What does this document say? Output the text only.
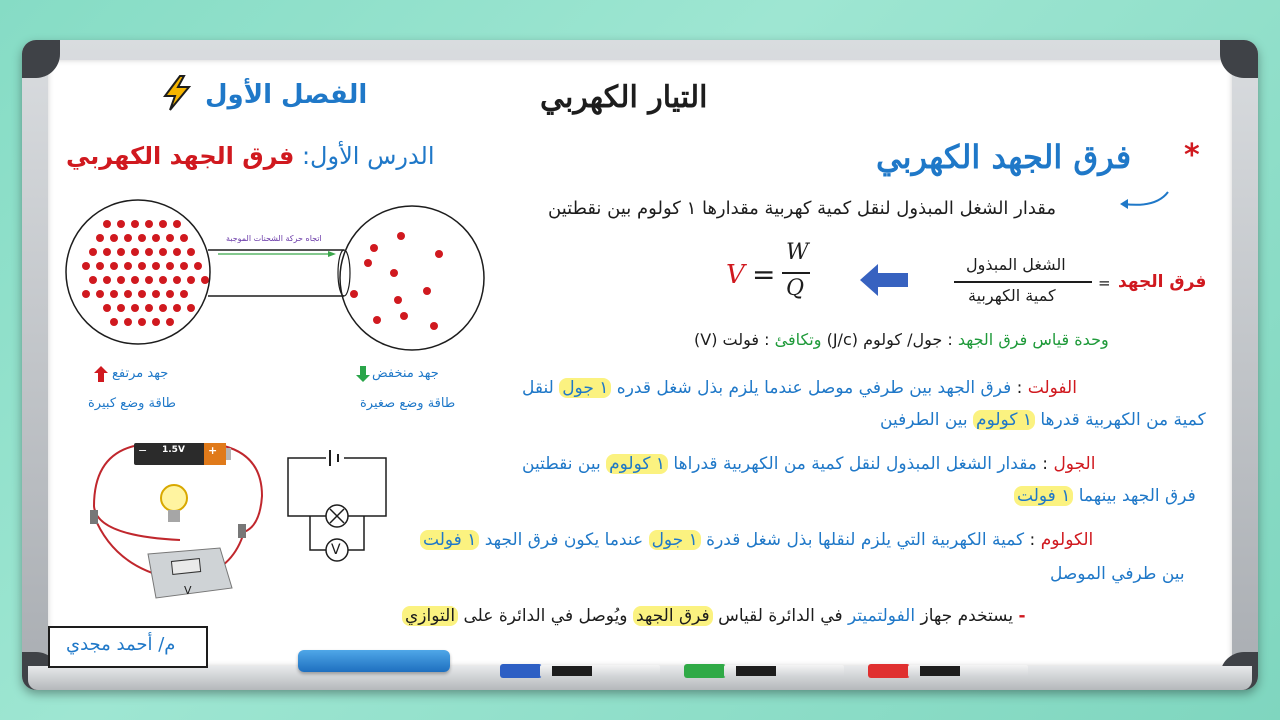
التيار الكهربي
الفصل الأول
الدرس الأول: فرق الجهد الكهربي	*
فرق الجهد الكهربي
مقدار الشغل المبذول لنقل كمية كهربية مقدارها ١ كولوم بين نقطتين
فرق الجهد
=
الشغل المبذول
كمية الكهربية
V =
W
Q
وحدة قياس فرق الجهد : جول/ كولوم (J/c) وتكافئ : فولت (V)
الفولت : فرق الجهد بين طرفي موصل عندما يلزم بذل شغل قدره ١ جول لنقل
كمية من الكهربية قدرها ١ كولوم بين الطرفين
الجول : مقدار الشغل المبذول لنقل كمية من الكهربية قدراها ١ كولوم بين نقطتين
فرق الجهد بينهما ١ فولت
الكولوم : كمية الكهربية التي يلزم لنقلها بذل شغل قدرة ١ جول عندما يكون فرق الجهد ١ فولت
بين طرفي الموصل
- يستخدم جهاز الفولتميتر في الدائرة لقياس فرق الجهد ويُوصل في الدائرة على التوازي
اتجاه حركة الشحنات الموجبة
جهد مرتفع
طاقة وضع كبيرة
جهد منخفض
طاقة وضع صغيرة
1.5V
−	+
V
V
م/ أحمد مجدي
